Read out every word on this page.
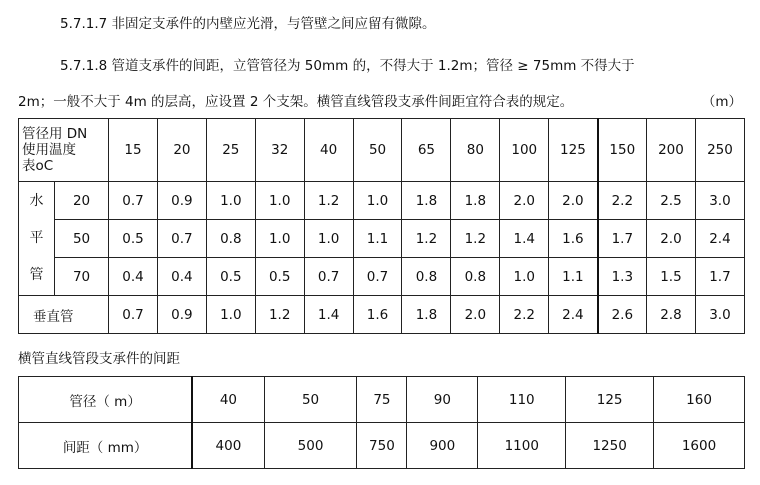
5.7.1.7 非固定支承件的内壁应光滑，与管壁之间应留有微隙。
5.7.1.8 管道支承件的间距，立管管径为 50mm 的，不得大于 1.2m；管径 ≥ 75mm 不得大于
2m；一般不大于 4m 的层高，应设置 2 个支架。横管直线管段支承件间距宜符合表的规定。	（m）
管径用 DN
使用温度
表oC		15	20	25	32	40	50	65	80	100	125	150	200	250

水
平
管	20	0.7	0.9	1.0	1.0	1.2	1.0	1.8	1.8	2.0	2.0	2.2	2.5	3.0
	50	0.5	0.7	0.8	1.0	1.0	1.1	1.2	1.2	1.4	1.6	1.7	2.0	2.4
	70	0.4	0.4	0.5	0.5	0.7	0.7	0.8	0.8	1.0	1.1	1.3	1.5	1.7
垂直管		0.7	0.9	1.0	1.2	1.4	1.6	1.8	2.0	2.2	2.4	2.6	2.8	3.0
横管直线管段支承件的间距
管径（ m）	40	50	75	90	110	125	160
间距（ mm）	400	500	750	900	1100	1250	1600
